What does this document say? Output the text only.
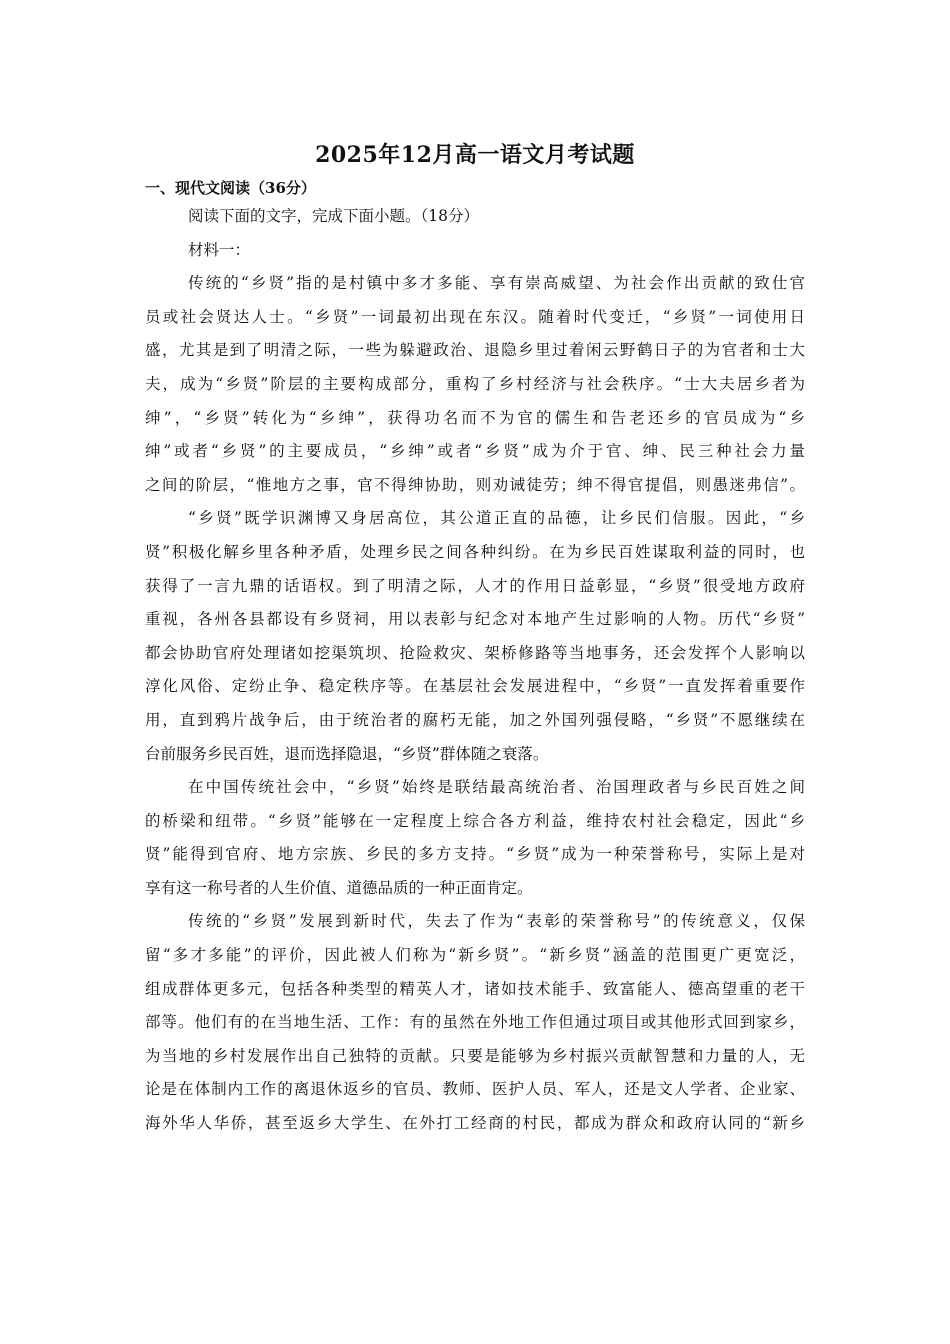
2025年12月高一语文月考试题
一、现代文阅读（36分）
阅读下面的文字，完成下面小题。（18分）
材料一：
传统的“乡贤”指的是村镇中多才多能、享有崇高威望、为社会作出贡献的致仕官
员或社会贤达人士。“乡贤”一词最初出现在东汉。随着时代变迁，“乡贤”一词使用日
盛，尤其是到了明清之际，一些为躲避政治、退隐乡里过着闲云野鹤日子的为官者和士大
夫，成为“乡贤”阶层的主要构成部分，重构了乡村经济与社会秩序。“士大夫居乡者为
绅”，“乡贤”转化为“乡绅”，获得功名而不为官的儒生和告老还乡的官员成为“乡
绅”或者“乡贤”的主要成员，“乡绅”或者“乡贤”成为介于官、绅、民三种社会力量
之间的阶层，“惟地方之事，官不得绅协助，则劝诫徒劳；绅不得官提倡，则愚迷弗信”。
“乡贤”既学识渊博又身居高位，其公道正直的品德，让乡民们信服。因此，“乡
贤”积极化解乡里各种矛盾，处理乡民之间各种纠纷。在为乡民百姓谋取利益的同时，也
获得了一言九鼎的话语权。到了明清之际，人才的作用日益彰显，“乡贤”很受地方政府
重视，各州各县都设有乡贤祠，用以表彰与纪念对本地产生过影响的人物。历代“乡贤”
都会协助官府处理诸如挖渠筑坝、抢险救灾、架桥修路等当地事务，还会发挥个人影响以
淳化风俗、定纷止争、稳定秩序等。在基层社会发展进程中，“乡贤”一直发挥着重要作
用，直到鸦片战争后，由于统治者的腐朽无能，加之外国列强侵略，“乡贤”不愿继续在
台前服务乡民百姓，退而选择隐退，“乡贤”群体随之衰落。
在中国传统社会中，“乡贤”始终是联结最高统治者、治国理政者与乡民百姓之间
的桥梁和纽带。“乡贤”能够在一定程度上综合各方利益，维持农村社会稳定，因此“乡
贤”能得到官府、地方宗族、乡民的多方支持。“乡贤”成为一种荣誉称号，实际上是对
享有这一称号者的人生价值、道德品质的一种正面肯定。
传统的“乡贤”发展到新时代，失去了作为“表彰的荣誉称号”的传统意义，仅保
留“多才多能”的评价，因此被人们称为“新乡贤”。“新乡贤”涵盖的范围更广更宽泛，
组成群体更多元，包括各种类型的精英人才，诸如技术能手、致富能人、德高望重的老干
部等。他们有的在当地生活、工作：有的虽然在外地工作但通过项目或其他形式回到家乡，
为当地的乡村发展作出自己独特的贡献。只要是能够为乡村振兴贡献智慧和力量的人，无
论是在体制内工作的离退休返乡的官员、教师、医护人员、军人，还是文人学者、企业家、
海外华人华侨，甚至返乡大学生、在外打工经商的村民，都成为群众和政府认同的“新乡
